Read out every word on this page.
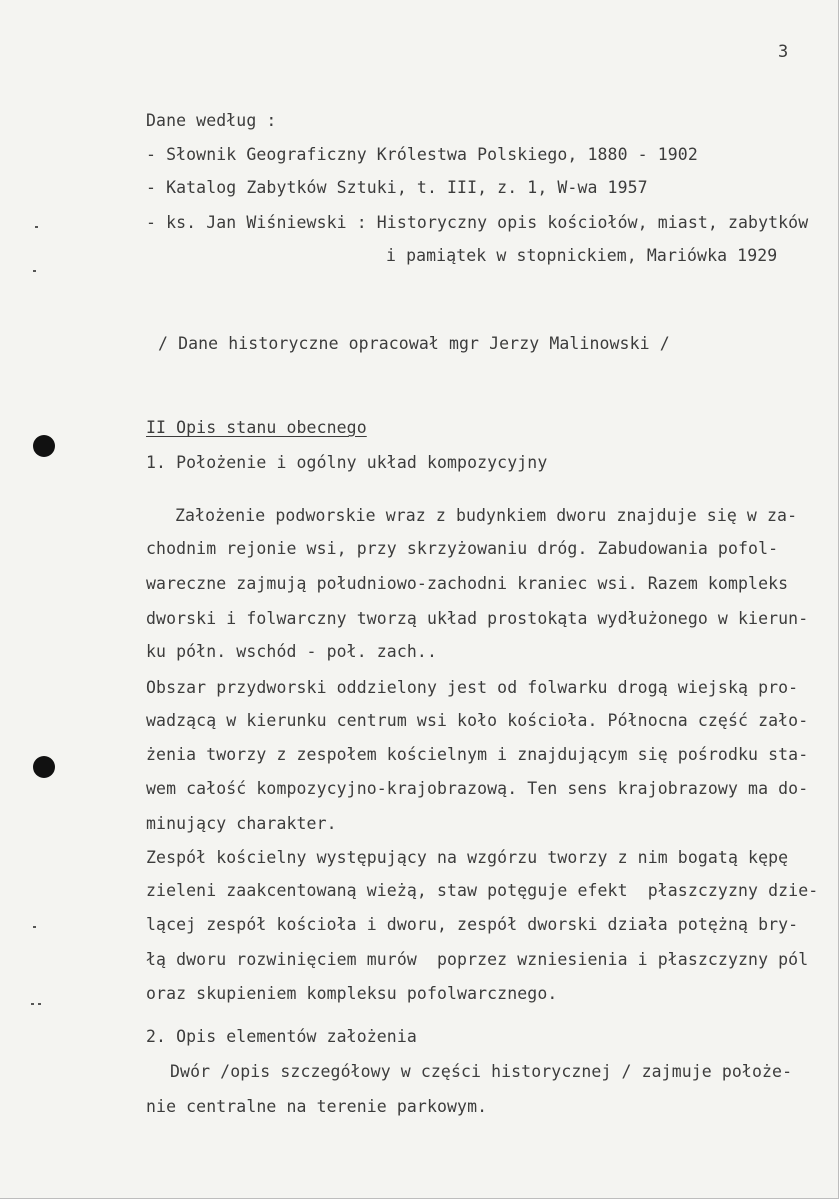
3
Dane według :
- Słownik Geograficzny Królestwa Polskiego, 1880 - 1902
- Katalog Zabytków Sztuki, t. III, z. 1, W-wa 1957
- ks. Jan Wiśniewski : Historyczny opis kościołów, miast, zabytków
i pamiątek w stopnickiem, Mariówka 1929
/ Dane historyczne opracował mgr Jerzy Malinowski /
II Opis stanu obecnego
1. Położenie i ogólny układ kompozycyjny
Założenie podworskie wraz z budynkiem dworu znajduje się w za-
chodnim rejonie wsi, przy skrzyżowaniu dróg. Zabudowania pofol-
wareczne zajmują południowo-zachodni kraniec wsi. Razem kompleks
dworski i folwarczny tworzą układ prostokąta wydłużonego w kierun-
ku półn. wschód - poł. zach..
Obszar przydworski oddzielony jest od folwarku drogą wiejską pro-
wadzącą w kierunku centrum wsi koło kościoła. Północna część zało-
żenia tworzy z zespołem kościelnym i znajdującym się pośrodku sta-
wem całość kompozycyjno-krajobrazową. Ten sens krajobrazowy ma do-
minujący charakter.
Zespół kościelny występujący na wzgórzu tworzy z nim bogatą kępę
zieleni zaakcentowaną wieżą, staw potęguje efekt  płaszczyzny dzie-
lącej zespół kościoła i dworu, zespół dworski działa potężną bry-
łą dworu rozwinięciem murów  poprzez wzniesienia i płaszczyzny pól
oraz skupieniem kompleksu pofolwarcznego.
2. Opis elementów założenia
Dwór /opis szczegółowy w części historycznej / zajmuje położe-
nie centralne na terenie parkowym.
